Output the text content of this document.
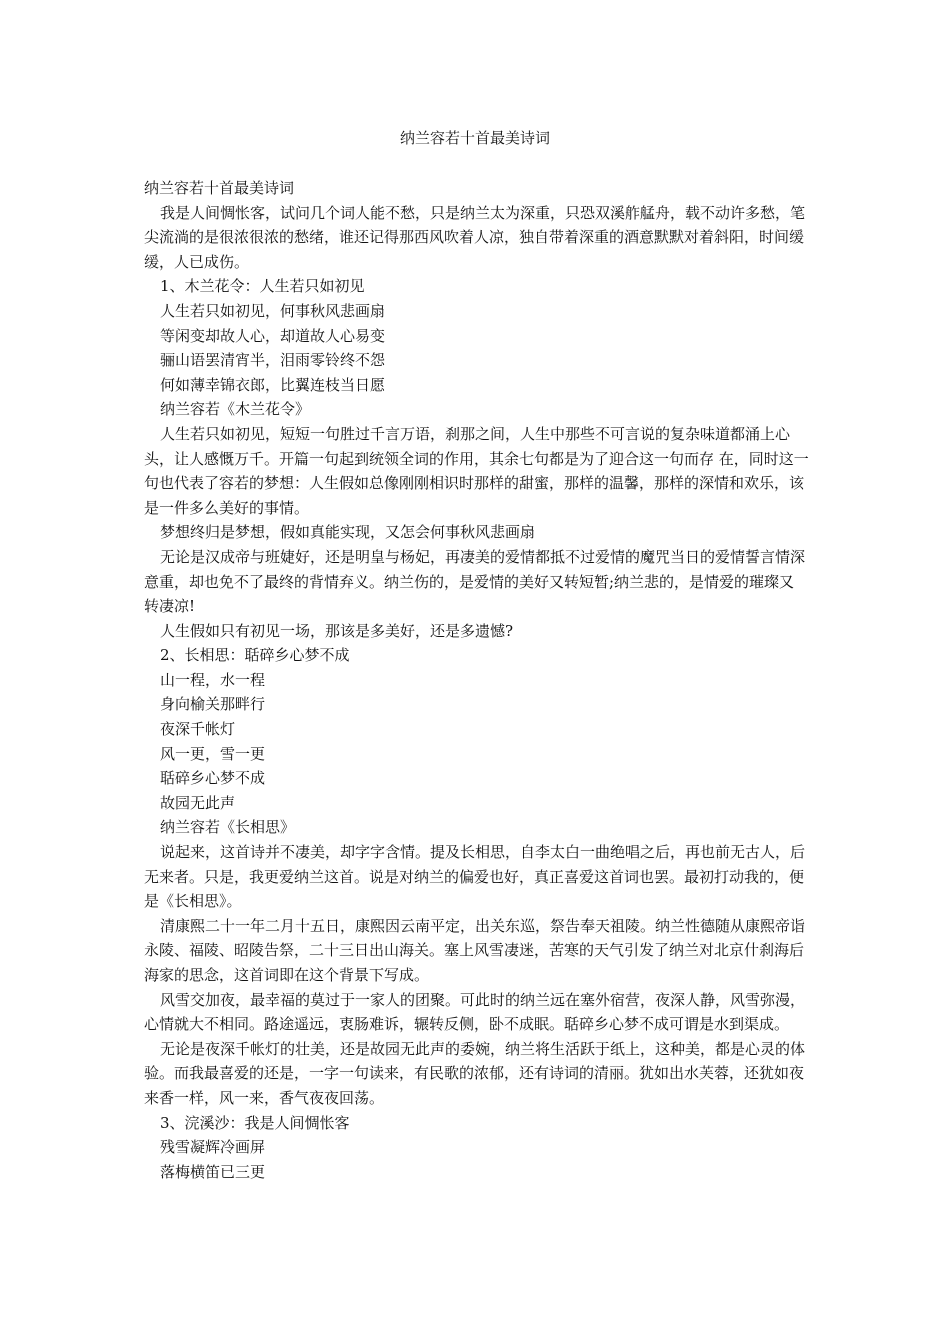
纳兰容若十首最美诗词

纳兰容若十首最美诗词

我是人间惆怅客，试问几个词人能不愁，只是纳兰太为深重，只恐双溪舴艋舟，载不动许多愁，笔尖流淌的是很浓很浓的愁绪，谁还记得那西风吹着人凉，独自带着深重的酒意默默对着斜阳，时间缓缓，人已成伤。

1、木兰花令：人生若只如初见

人生若只如初见，何事秋风悲画扇

等闲变却故人心，却道故人心易变

骊山语罢清宵半，泪雨零铃终不怨

何如薄幸锦衣郎，比翼连枝当日愿

纳兰容若《木兰花令》

人生若只如初见，短短一句胜过千言万语，刹那之间，人生中那些不可言说的复杂味道都涌上心头，让人感慨万千。开篇一句起到统领全词的作用，其余七句都是为了迎合这一句而存 在，同时这一句也代表了容若的梦想：人生假如总像刚刚相识时那样的甜蜜，那样的温馨，那样的深情和欢乐，该是一件多么美好的事情。

梦想终归是梦想，假如真能实现，又怎会何事秋风悲画扇

无论是汉成帝与班婕好，还是明皇与杨妃，再凄美的爱情都抵不过爱情的魔咒当日的爱情誓言情深意重，却也免不了最终的背情弃义。纳兰伤的，是爱情的美好又转短暂;纳兰悲的，是情爱的璀璨又转凄凉!

人生假如只有初见一场，那该是多美好，还是多遗憾?

2、长相思：聒碎乡心梦不成

山一程，水一程

身向榆关那畔行

夜深千帐灯

风一更，雪一更

聒碎乡心梦不成

故园无此声

纳兰容若《长相思》

说起来，这首诗并不凄美，却字字含情。提及长相思，自李太白一曲绝唱之后，再也前无古人，后无来者。只是，我更爱纳兰这首。说是对纳兰的偏爱也好，真正喜爱这首词也罢。最初打动我的，便是《长相思》。

清康熙二十一年二月十五日，康熙因云南平定，出关东巡，祭告奉天祖陵。纳兰性德随从康熙帝诣永陵、福陵、昭陵告祭，二十三日出山海关。塞上风雪凄迷，苦寒的天气引发了纳兰对北京什刹海后海家的思念，这首词即在这个背景下写成。

风雪交加夜，最幸福的莫过于一家人的团聚。可此时的纳兰远在塞外宿营，夜深人静，风雪弥漫，心情就大不相同。路途遥远，衷肠难诉，辗转反侧，卧不成眠。聒碎乡心梦不成可谓是水到渠成。

无论是夜深千帐灯的壮美，还是故园无此声的委婉，纳兰将生活跃于纸上，这种美，都是心灵的体验。而我最喜爱的还是，一字一句读来，有民歌的浓郁，还有诗词的清丽。犹如出水芙蓉，还犹如夜来香一样，风一来，香气夜夜回荡。

3、浣溪沙：我是人间惆怅客

残雪凝辉冷画屏

落梅横笛已三更
